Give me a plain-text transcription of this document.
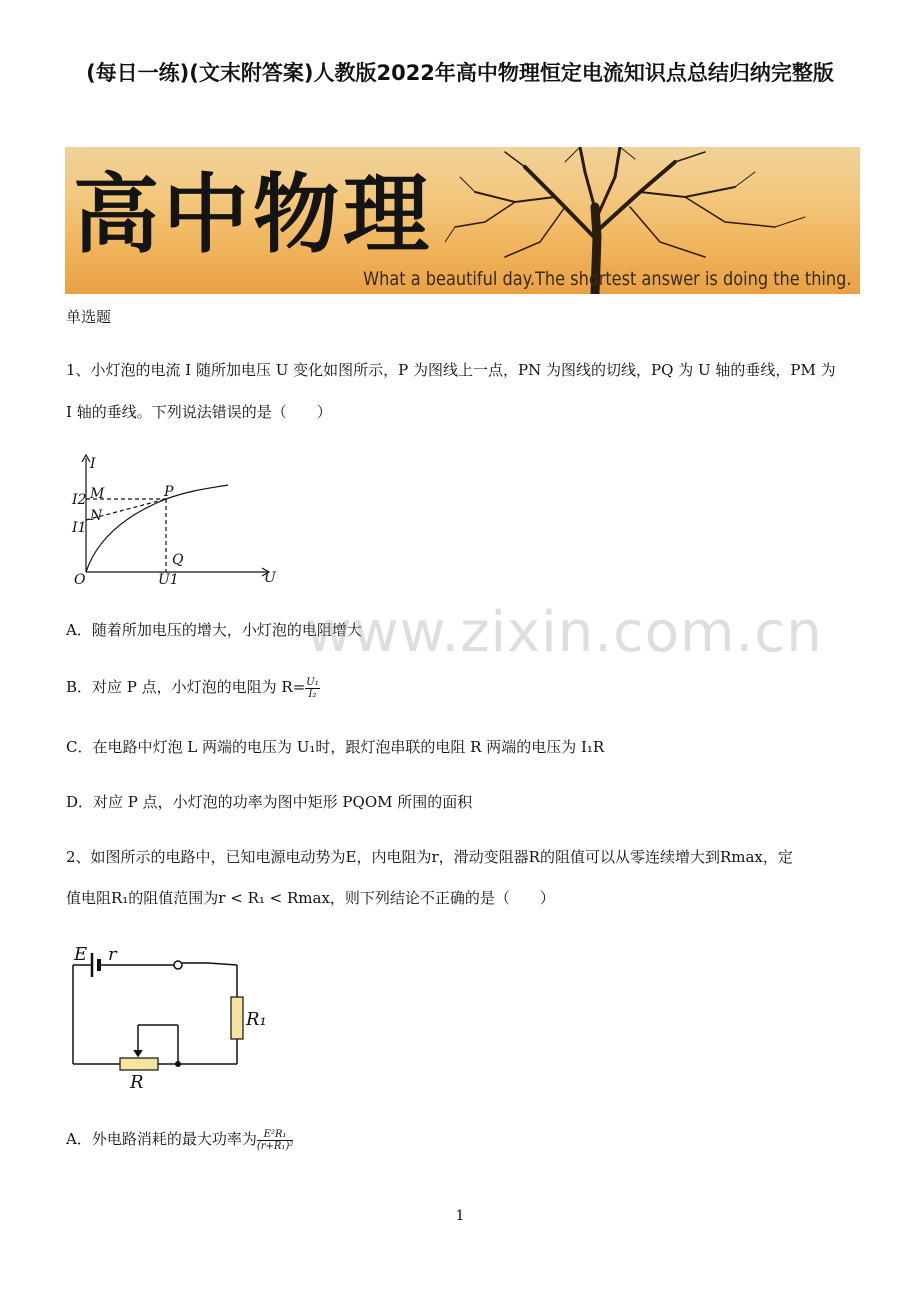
(每日一练)(文末附答案)人教版2022年高中物理恒定电流知识点总结归纳完整版
高中物理
What a beautiful day.The shortest answer is doing the thing.
单选题
1、小灯泡的电流 I 随所加电压 U 变化如图所示，P 为图线上一点，PN 为图线的切线，PQ 为 U 轴的垂线，PM 为
I 轴的垂线。下列说法错误的是（　　）
I
U
O
I2
I1
M
N
P
Q
U1
A．随着所加电压的增大，小灯泡的电阻增大
B．对应 P 点，小灯泡的电阻为 $R= \frac{\text{U₁}}{\text{I₂}}$
C．在电路中灯泡 L 两端的电压为 U₁时，跟灯泡串联的电阻 R 两端的电压为 I₁R
D．对应 P 点，小灯泡的功率为图中矩形 PQOM 所围的面积
2、如图所示的电路中，已知电源电动势为E，内电阻为r，滑动变阻器R的阻值可以从零连续增大到Rmax，定
值电阻R₁的阻值范围为r < R₁ < Rmax，则下列结论不正确的是（　　）
E r
R₁
R
A．外电路消耗的最大功率为 $\frac{\text{E²R₁}}{\text{(r+R₁)²}}$
www.zixin.com.cn
1
